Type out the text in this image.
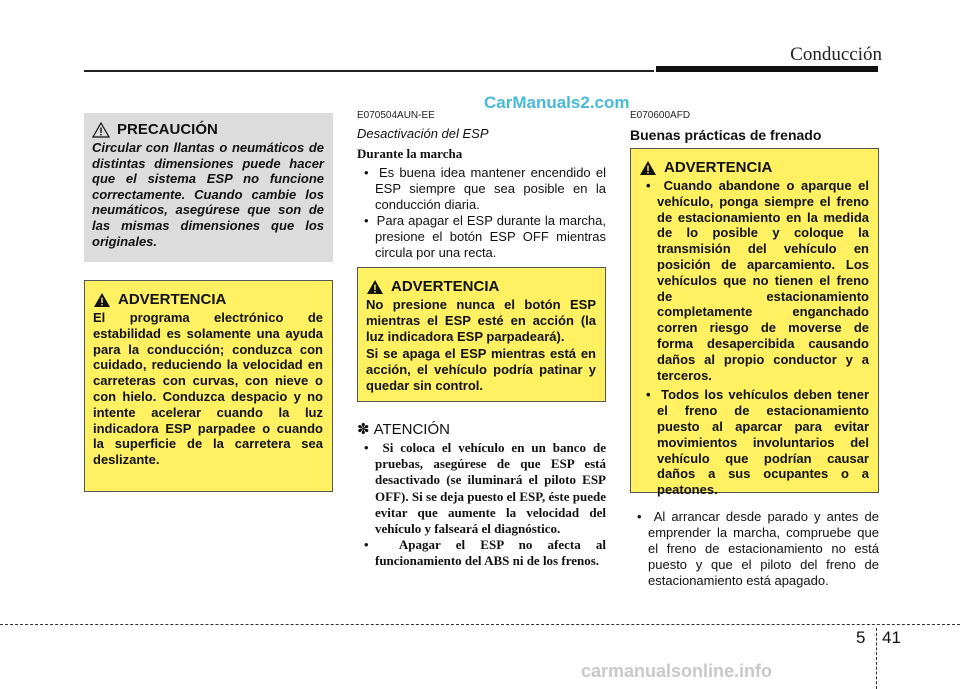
Conducción
CarManuals2.com
PRECAUCIÓN

Circular con llantas o neumáticos de distintas dimensiones puede hacer que el sistema ESP no funcione correctamente. Cuando cambie los neumáticos, asegúrese que son de las mismas dimensiones que los originales.

ADVERTENCIA

El programa electrónico de estabilidad es solamente una ayuda para la conducción; conduzca con cuidado, reduciendo la velocidad en carreteras con curvas, con nieve o con hielo. Conduzca despacio y no intente acelerar cuando la luz indicadora ESP parpadee o cuando la superficie de la carretera sea deslizante.

E070504AUN-EE
Desactivación del ESP
Durante la marcha
•  Es buena idea mantener encendido el ESP siempre que sea posible en la conducción diaria.
•  Para apagar el ESP durante la marcha, presione el botón ESP OFF mientras circula por una recta.
ADVERTENCIA

No presione nunca el botón ESP mientras el ESP esté en acción (la luz indicadora ESP parpadeará).

Si se apaga el ESP mientras está en acción, el vehículo podría patinar y quedar sin control.

✽ ATENCIÓN
•  Si coloca el vehículo en un banco de pruebas, asegúrese de que ESP está desactivado (se iluminará el piloto ESP OFF). Si se deja puesto el ESP, éste puede evitar que aumente la velocidad del vehículo y falseará el diagnóstico.
•  Apagar el ESP no afecta al funcionamiento del ABS ni de los frenos.
E070600AFD
Buenas prácticas de frenado
ADVERTENCIA
•  Cuando abandone o aparque el vehículo, ponga siempre el freno de estacionamiento en la medida de lo posible y coloque la transmisión del vehículo en posición de aparcamiento. Los vehículos que no tienen el freno de estacionamiento completamente enganchado corren riesgo de moverse de forma desapercibida causando daños al propio conductor y a terceros.
•  Todos los vehículos deben tener el freno de estacionamiento puesto al aparcar para evitar movimientos involuntarios del vehículo que podrían causar daños a sus ocupantes o a peatones.
•  Al arrancar desde parado y antes de emprender la marcha, compruebe que el freno de estacionamiento no está puesto y que el piloto del freno de estacionamiento está apagado.
5 41
carmanualsonline.info
